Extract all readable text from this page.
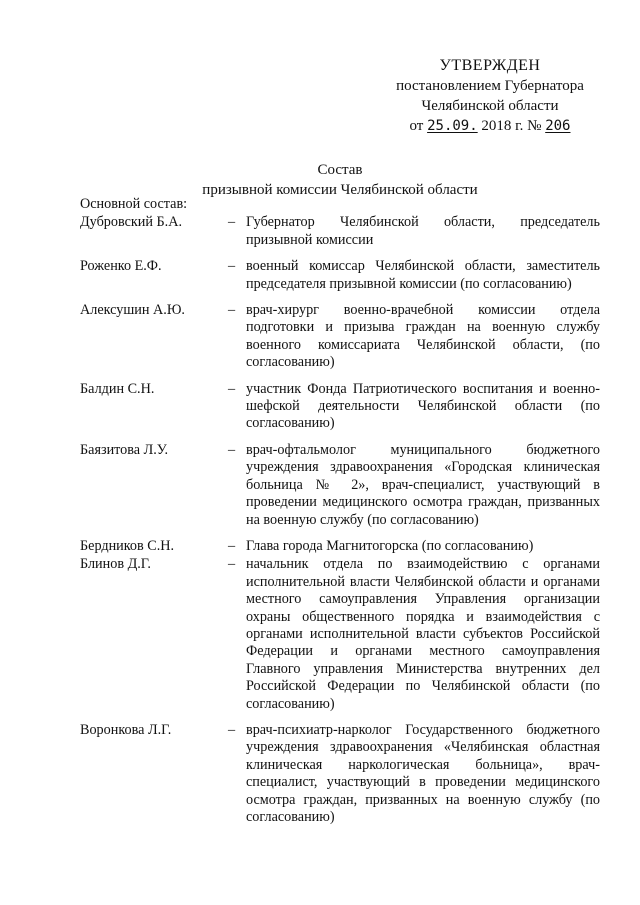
УТВЕРЖДЕН
постановлением Губернатора
Челябинской области
от 25.09. 2018 г. № 206
Состав
призывной комиссии Челябинской области
Основной состав:
Дубровский Б.А.	– Губернатор Челябинской области, председатель призывной комиссии
Роженко Е.Ф.	– военный комиссар Челябинской области, заместитель председателя призывной комиссии (по согласованию)
Алексушин А.Ю.	– врач-хирург военно-врачебной комиссии отдела подготовки и призыва граждан на военную службу военного комиссариата Челябинской области, (по согласованию)
Балдин С.Н.	– участник Фонда Патриотического воспитания и военно-шефской деятельности Челябинской области (по согласованию)
Баязитова Л.У.	– врач-офтальмолог муниципального бюджетного учреждения здравоохранения «Городская клиническая больница № 2», врач-специалист, участвующий в проведении медицинского осмотра граждан, призванных на военную службу (по согласованию)
Бердников С.Н.	– Глава города Магнитогорска (по согласованию)
Блинов Д.Г.	– начальник отдела по взаимодействию с органами исполнительной власти Челябинской области и органами местного самоуправления Управления организации охраны общественного порядка и взаимодействия с органами исполнительной власти субъектов Российской Федерации и органами местного самоуправления Главного управления Министерства внутренних дел Российской Федерации по Челябинской области (по согласованию)
Воронкова Л.Г.	– врач-психиатр-нарколог Государственного бюджетного учреждения здравоохранения «Челябинская областная клиническая наркологическая больница», врач-специалист, участвующий в проведении медицинского осмотра граждан, призванных на военную службу (по согласованию)
